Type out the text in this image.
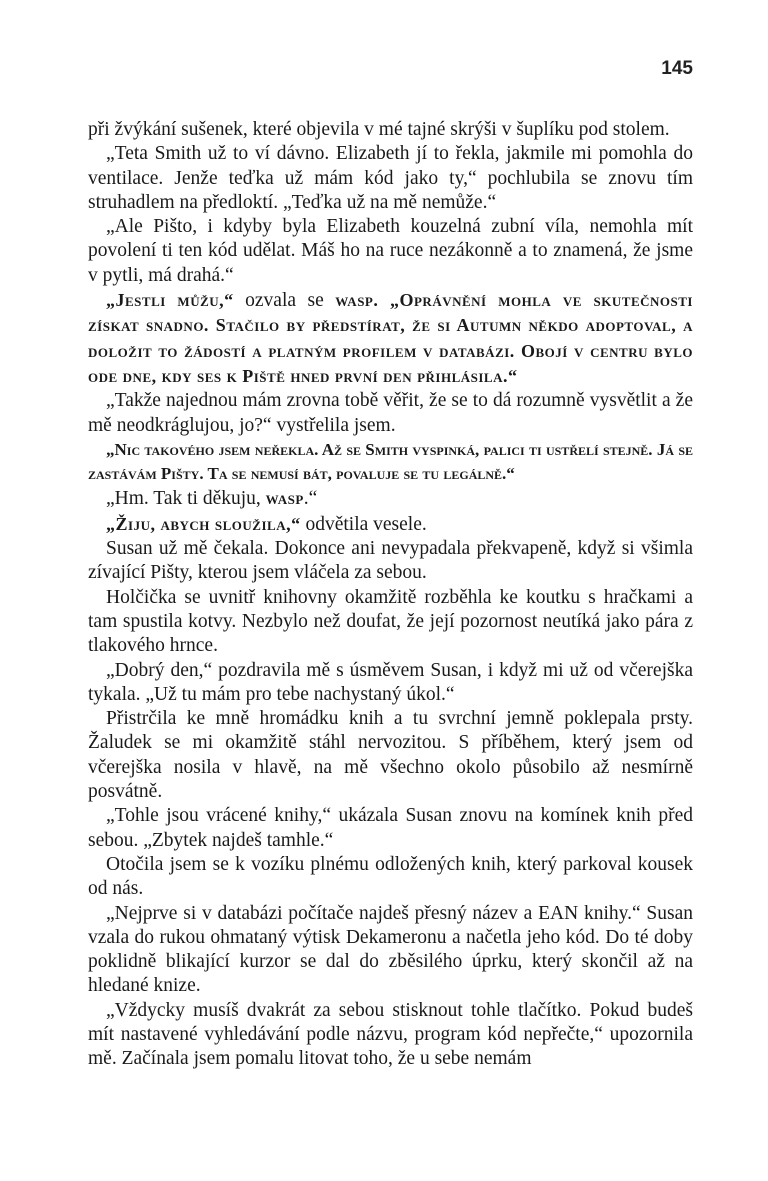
145

při žvýkání sušenek, které objevila v mé tajné skrýši v šuplíku pod stolem.

„Teta Smith už to ví dávno. Elizabeth jí to řekla, jakmile mi pomohla do ventilace. Jenže teďka už mám kód jako ty,“ pochlubila se znovu tím struhadlem na předloktí. „Teďka už na mě nemůže.“

„Ale Pišto, i kdyby byla Elizabeth kouzelná zubní víla, nemohla mít povolení ti ten kód udělat. Máš ho na ruce nezákonně a to znamená, že jsme v pytli, má drahá.“

„Jestli můžu,“ ozvala se wasp. „Oprávnění mohla ve skutečnosti získat snadno. Stačilo by předstírat, že si Autumn někdo adoptoval, a doložit to žádostí a platným profilem v databázi. Obojí v centru bylo ode dne, kdy ses k Piště hned první den přihlásila.“

„Takže najednou mám zrovna tobě věřit, že se to dá rozumně vysvětlit a že mě neodkráglujou, jo?“ vystřelila jsem.

„Nic takového jsem neřekla. Až se Smith vyspinká, palici ti ustřelí stejně. Já se zastávám Pišty. Ta se nemusí bát, povaluje se tu legálně.“

„Hm. Tak ti děkuju, wasp.“

„Žiju, abych sloužila,“ odvětila vesele.

Susan už mě čekala. Dokonce ani nevypadala překvapeně, když si všimla zívající Pišty, kterou jsem vláčela za sebou.

Holčička se uvnitř knihovny okamžitě rozběhla ke koutku s hračkami a tam spustila kotvy. Nezbylo než doufat, že její pozornost neutíká jako pára z tlakového hrnce.

„Dobrý den,“ pozdravila mě s úsměvem Susan, i když mi už od včerejška tykala. „Už tu mám pro tebe nachystaný úkol.“

Přistrčila ke mně hromádku knih a tu svrchní jemně poklepala prsty. Žaludek se mi okamžitě stáhl nervozitou. S příběhem, který jsem od včerejška nosila v hlavě, na mě všechno okolo působilo až nesmírně posvátně.

„Tohle jsou vrácené knihy,“ ukázala Susan znovu na komínek knih před sebou. „Zbytek najdeš tamhle.“

Otočila jsem se k vozíku plnému odložených knih, který parkoval kousek od nás.

„Nejprve si v databázi počítače najdeš přesný název a EAN knihy.“ Susan vzala do rukou ohmataný výtisk Dekameronu a načetla jeho kód. Do té doby poklidně blikající kurzor se dal do zběsilého úprku, který skončil až na hledané knize.

„Vždycky musíš dvakrát za sebou stisknout tohle tlačítko. Pokud budeš mít nastavené vyhledávání podle názvu, program kód nepřečte,“ upozornila mě. Začínala jsem pomalu litovat toho, že u sebe nemám
